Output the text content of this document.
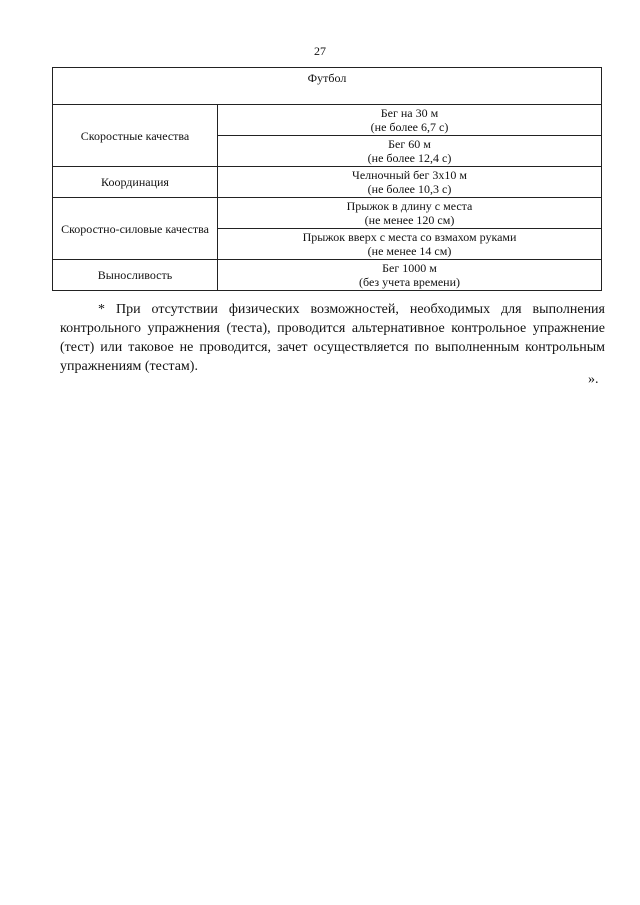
27
Футбол	
Скоростные качества	Бег на 30 м
(не более 6,7 с)

	Бег 60 м
(не более 12,4 с)

Координация	Челночный бег 3x10 м
(не более 10,3 с)

Скоростно-силовые качества	Прыжок в длину с места
(не менее 120 см)

	Прыжок вверх с места со взмахом руками
(не менее 14 см)

Выносливость	Бег 1000 м
(без учета времени)

* При отсутствии физических возможностей, необходимых для выполнения контрольного упражнения (теста), проводится альтернативное контрольное упражнение (тест) или таковое не проводится, зачет осуществляется по выполненным контрольным упражнениям (тестам).

».
